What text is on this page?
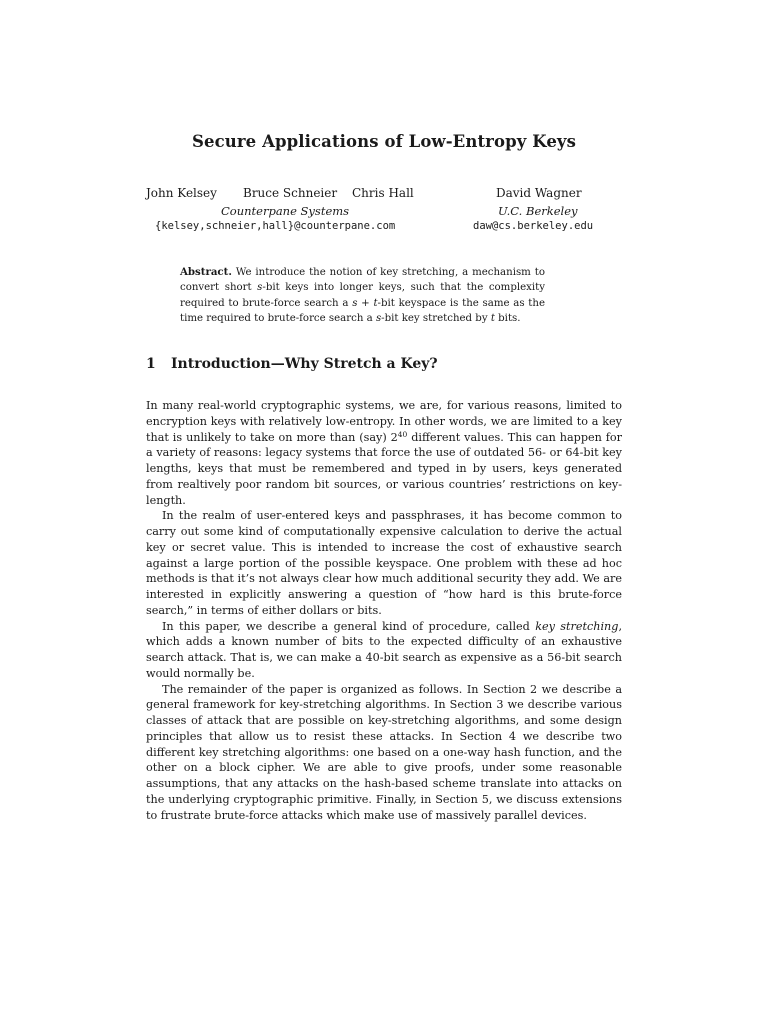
Secure Applications of Low-Entropy Keys
John Kelsey Bruce Schneier Chris Hall	David Wagner
Counterpane Systems	U.C. Berkeley
{kelsey,schneier,hall}@counterpane.com	daw@cs.berkeley.edu
Abstract. We introduce the notion of key stretching, a mechanism to convert short s-bit keys into longer keys, such that the complexity required to brute-force search a s + t-bit keyspace is the same as the time required to brute-force search a s-bit key stretched by t bits.
1 Introduction—Why Stretch a Key?

In many real-world cryptographic systems, we are, for various reasons, limited to encryption keys with relatively low-entropy. In other words, we are limited to a key that is unlikely to take on more than (say) $2^{40}$ different values. This can happen for a variety of reasons: legacy systems that force the use of outdated 56- or 64-bit key lengths, keys that must be remembered and typed in by users, keys generated from realtively poor random bit sources, or various countries’ restrictions on key-length.

In the realm of user-entered keys and passphrases, it has become common to carry out some kind of computationally expensive calculation to derive the actual key or secret value. This is intended to increase the cost of exhaustive search against a large portion of the possible keyspace. One problem with these ad hoc methods is that it’s not always clear how much additional security they add. We are interested in explicitly answering a question of “how hard is this brute-force search,” in terms of either dollars or bits.

In this paper, we describe a general kind of procedure, called key stretching, which adds a known number of bits to the expected difficulty of an exhaustive search attack. That is, we can make a 40-bit search as expensive as a 56-bit search would normally be.

The remainder of the paper is organized as follows. In Section 2 we describe a general framework for key-stretching algorithms. In Section 3 we describe various classes of attack that are possible on key-stretching algorithms, and some design principles that allow us to resist these attacks. In Section 4 we describe two different key stretching algorithms: one based on a one-way hash function, and the other on a block cipher. We are able to give proofs, under some reasonable assumptions, that any attacks on the hash-based scheme translate into attacks on the underlying cryptographic primitive. Finally, in Section 5, we discuss extensions to frustrate brute-force attacks which make use of massively parallel devices.
